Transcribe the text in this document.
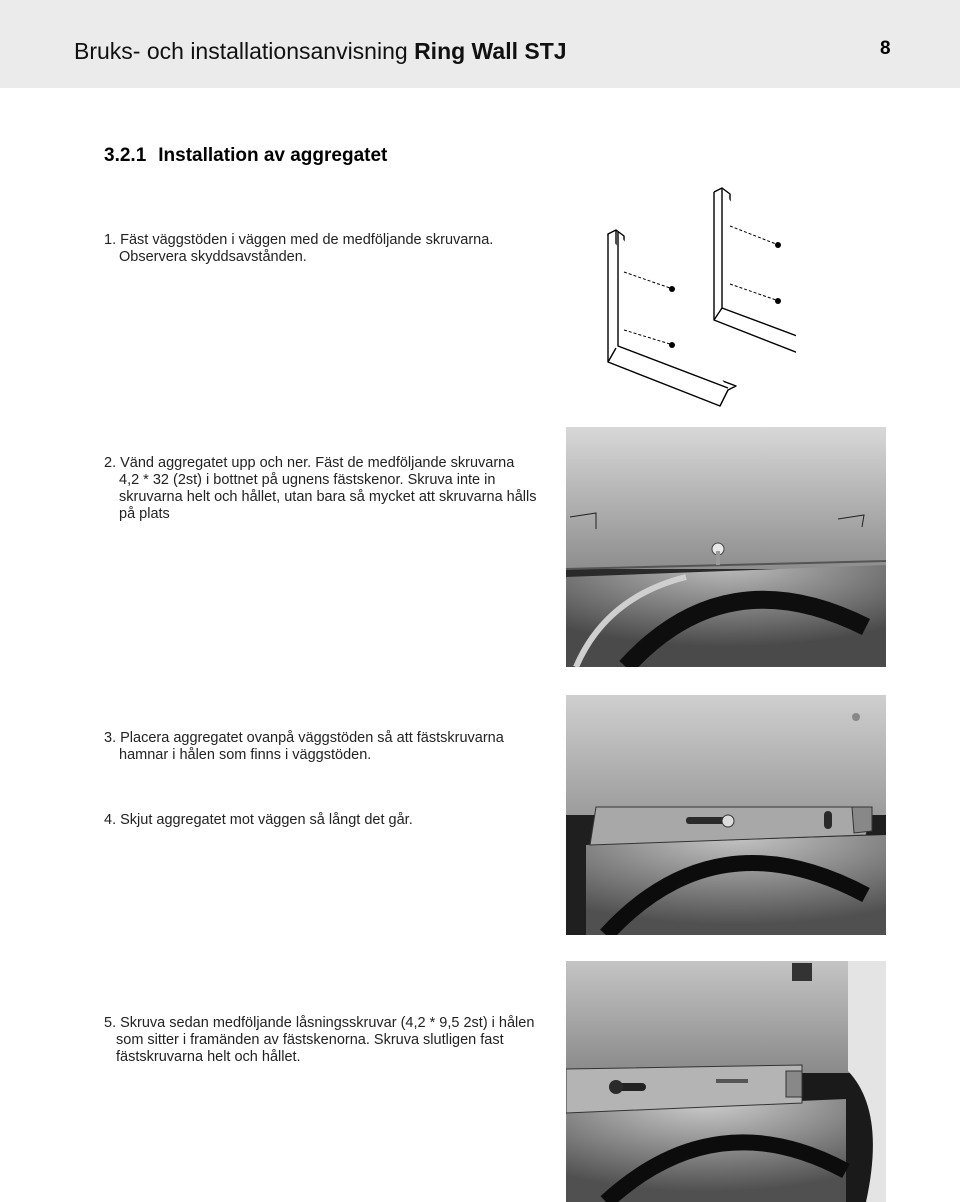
Bruks- och installationsanvisning Ring Wall STJ	8
3.2.1 Installation av aggregatet

1. Fäst väggstöden i väggen med de medföljande skruvarna.

Observera skyddsavstånden.

2. Vänd aggregatet upp och ner. Fäst de medföljande skruvarna

4,2 * 32 (2st) i bottnet på ugnens fästskenor. Skruva inte in

skruvarna helt och hållet, utan bara så mycket att skruvarna hålls

på plats

3. Placera aggregatet ovanpå väggstöden så att fästskruvarna

hamnar i hålen som finns i väggstöden.

4. Skjut aggregatet mot väggen så långt det går.

5. Skruva sedan medföljande låsningsskruvar (4,2 * 9,5 2st) i hålen

som sitter i framänden av fästskenorna. Skruva slutligen fast

fästskruvarna helt och hållet.
